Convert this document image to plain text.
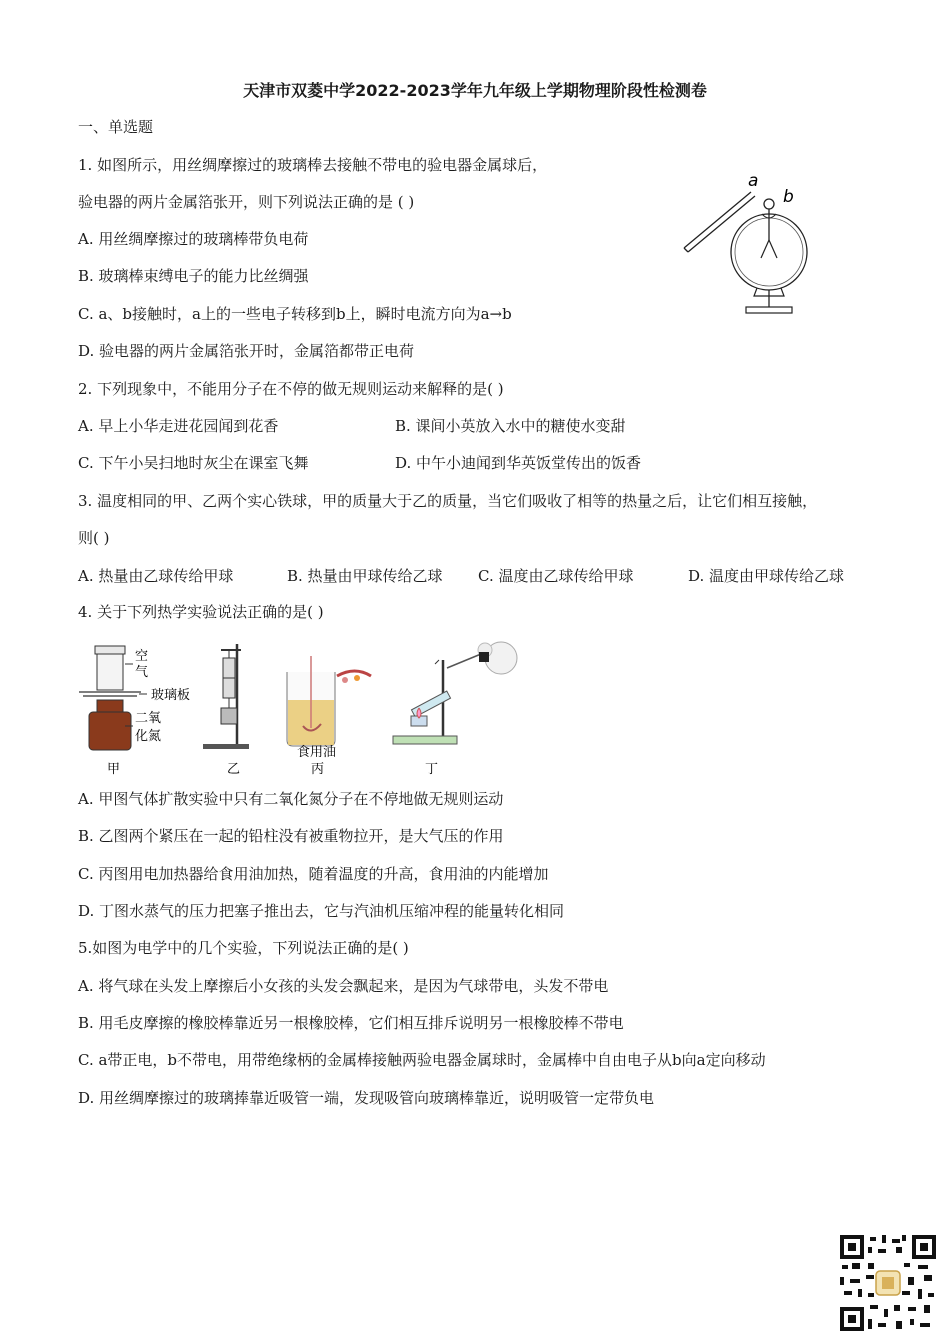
天津市双菱中学2022-2023学年九年级上学期物理阶段性检测卷
一、单选题
1. 如图所示，用丝绸摩擦过的玻璃棒去接触不带电的验电器金属球后，
验电器的两片金属箔张开，则下列说法正确的是 ( )
A. 用丝绸摩擦过的玻璃棒带负电荷
B. 玻璃棒束缚电子的能力比丝绸强
C. a、b接触时，a上的一些电子转移到b上，瞬时电流方向为a→b
D. 验电器的两片金属箔张开时，金属箔都带正电荷
a
b
2. 下列现象中，不能用分子在不停的做无规则运动来解释的是( )
A. 早上小华走进花园闻到花香	B. 课间小英放入水中的糖使水变甜
C. 下午小吴扫地时灰尘在课室飞舞	D. 中午小迪闻到华英饭堂传出的饭香
3. 温度相同的甲、乙两个实心铁球，甲的质量大于乙的质量，当它们吸收了相等的热量之后，让它们相互接触，
则( )
A. 热量由乙球传给甲球	B. 热量由甲球传给乙球 C. 温度由乙球传给甲球	D. 温度由甲球传给乙球
4. 关于下列热学实验说法正确的是( )
空
气
玻璃板
二氧
化氮
甲	乙
食用油
丙	丁
A. 甲图气体扩散实验中只有二氧化氮分子在不停地做无规则运动
B. 乙图两个紧压在一起的铅柱没有被重物拉开，是大气压的作用
C. 丙图用电加热器给食用油加热，随着温度的升高，食用油的内能增加
D. 丁图水蒸气的压力把塞子推出去，它与汽油机压缩冲程的能量转化相同
5.如图为电学中的几个实验，下列说法正确的是( )
A. 将气球在头发上摩擦后小女孩的头发会飘起来，是因为气球带电，头发不带电
B. 用毛皮摩擦的橡胶棒靠近另一根橡胶棒，它们相互排斥说明另一根橡胶棒不带电
C. a带正电，b不带电，用带绝缘柄的金属棒接触两验电器金属球时，金属棒中自由电子从b向a定向移动
D. 用丝绸摩擦过的玻璃捧靠近吸管一端，发现吸管向玻璃棒靠近，说明吸管一定带负电
